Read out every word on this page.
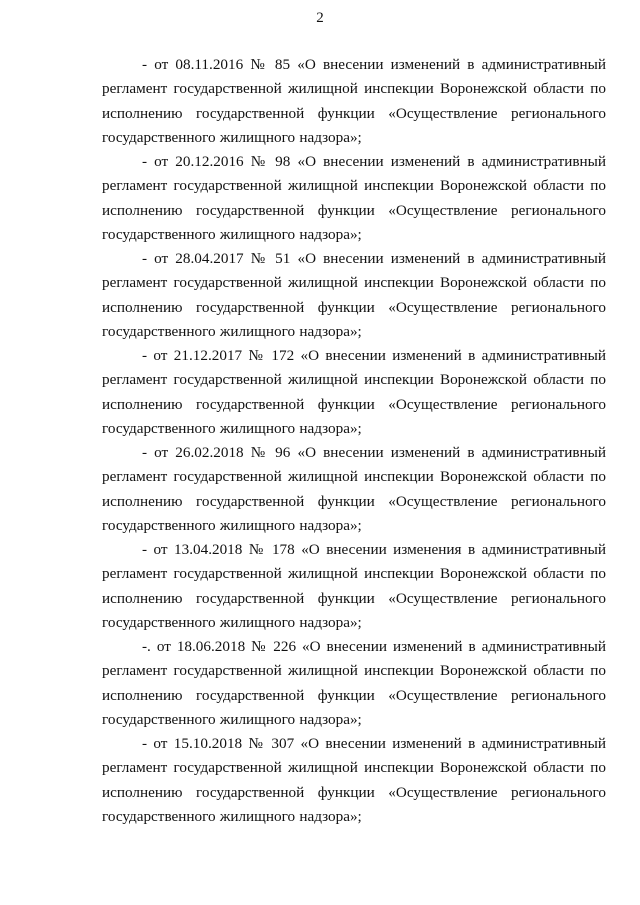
2

- от 08.11.2016 № 85 «О внесении изменений в административный регламент государственной жилищной инспекции Воронежской области по исполнению государственной функции «Осуществление регионального государственного жилищного надзора»;

- от 20.12.2016 № 98 «О внесении изменений в административный регламент государственной жилищной инспекции Воронежской области по исполнению государственной функции «Осуществление регионального государственного жилищного надзора»;

- от 28.04.2017 № 51 «О внесении изменений в административный регламент государственной жилищной инспекции Воронежской области по исполнению государственной функции «Осуществление регионального государственного жилищного надзора»;

- от 21.12.2017 № 172 «О внесении изменений в административный регламент государственной жилищной инспекции Воронежской области по исполнению государственной функции «Осуществление регионального государственного жилищного надзора»;

- от 26.02.2018 № 96 «О внесении изменений в административный регламент государственной жилищной инспекции Воронежской области по исполнению государственной функции «Осуществление регионального государственного жилищного надзора»;

- от 13.04.2018 № 178 «О внесении изменения в административный регламент государственной жилищной инспекции Воронежской области по исполнению государственной функции «Осуществление регионального государственного жилищного надзора»;

-. от 18.06.2018 № 226 «О внесении изменений в административный регламент государственной жилищной инспекции Воронежской области по исполнению государственной функции «Осуществление регионального государственного жилищного надзора»;

- от 15.10.2018 № 307 «О внесении изменений в административный регламент государственной жилищной инспекции Воронежской области по исполнению государственной функции «Осуществление регионального государственного жилищного надзора»;
